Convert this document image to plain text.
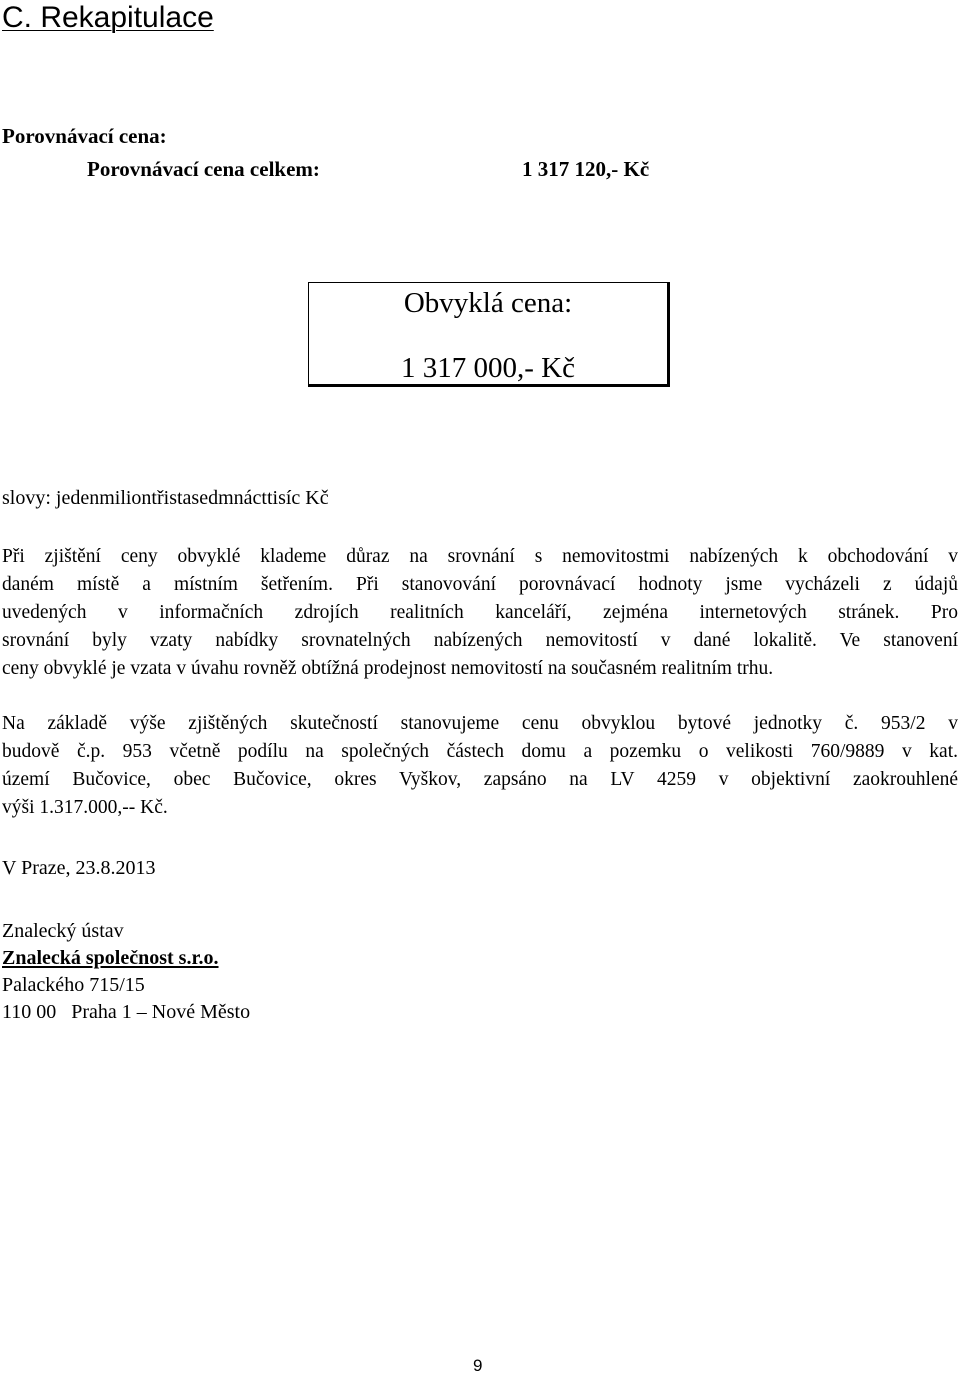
C. Rekapitulace
Porovnávací cena:
Porovnávací cena celkem:	1 317 120,- Kč
Obvyklá cena:
1 317 000,- Kč
slovy: jedenmiliontřistasedmnácttisíc Kč
Při zjištění ceny obvyklé klademe důraz na srovnání s nemovitostmi nabízených k obchodování v
daném místě a místním šetřením. Při stanovování porovnávací hodnoty jsme vycházeli z údajů
uvedených v informačních zdrojích realitních kanceláří, zejména internetových stránek. Pro
srovnání byly vzaty nabídky srovnatelných nabízených nemovitostí v dané lokalitě. Ve stanovení
ceny obvyklé je vzata v úvahu rovněž obtížná prodejnost nemovitostí na současném realitním trhu.
Na základě výše zjištěných skutečností stanovujeme cenu obvyklou bytové jednotky č. 953/2 v
budově č.p. 953 včetně podílu na společných částech domu a pozemku o velikosti 760/9889 v kat.
území Bučovice, obec Bučovice, okres Vyškov, zapsáno na LV 4259 v objektivní zaokrouhlené
výši 1.317.000,-- Kč.
V Praze, 23.8.2013
Znalecký ústav
Znalecká společnost s.r.o.
Palackého 715/15
110 00   Praha 1 – Nové Město
9
